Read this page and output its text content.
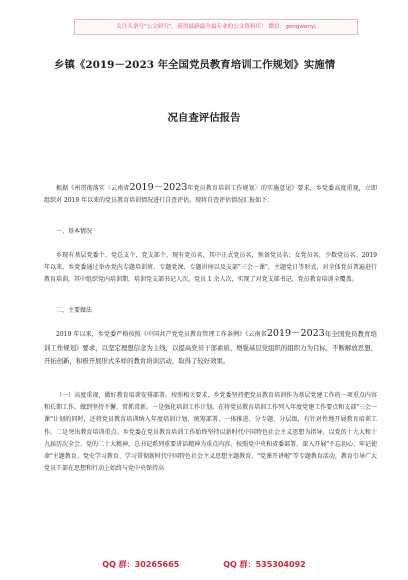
关注头条号"公文研究"，获得最新最全最专业的公文资料库！ 微信：gongwenyj
乡镇《2019－2023 年全国党员教育培训工作规划》实施情
况自查评估报告

根据《州贯彻落实〈云南省2019－2023年党员教育培训工作规划〉的实施意见》要求，乡党委高度重视，立即组织对 2019 年以来的党员教育培训情况进行自查评估，现将自查评估情况汇报如下：

一、基本情况

乡现有基层党委个、党总支个，党支部个，现有党员名，其中正式党员名，预备党员名；女党员名，少数党员名。2019 年以来，乡党委通过举办党内专题培训班、专题党课、专题讲座以及支部"三会一课"，主题党日等形式，对全体党员普遍进行教育培训，其中组织党内培训期，培训党支部书记人次，党员 1 余人次，实现了对党支部书记、党员教育培训全覆盖。

二、主要做法

2019 年以来，乡党委严格按照《中国共产党党员教育管理工作条例》《云南省2019－2023年全国党员教育培训工作规划》要求，以坚定理想信念为主线，以提高党员干部素质、增强基层党组织的组织力为目标，不断解放思想、开拓创新，积极开展形式多样的教育培训活动，取得了较好效果。

（一）高度重视，做好教育培训安排部署。按照相关要求，乡党委坚持把党员教育培训作为基层党建工作的一项重点内容和长期工作，做到坚持不懈、常抓常新。一是强化培训工作计划。在将党员教育培训工作列入年度党建工作要点和支部"三会一课"计划的同时，还将党员教育培训纳入年度培训计划，统筹部署、一体推进、分专题、分层级，有针对性地开展教育培训工作。二是突出教育培训重点。乡党委在党员教育培训工作始终坚持以新时代中国特色社会主义思想为指导，以党的十九大和十九届历次全会、党的二十大精神，总书记系列重要讲话精神为重点内容，按照党中央和省委部署，深入开展"不忘初心、牢记使命"主题教育、党史学习教育、学习贯彻新时代中国特色社会主义思想主题教育、"党课开讲啦"等专题教育活动，教育引导广大党员干部在思想和行动上始终与党中央保持高

QQ 群：30265665	QQ 群：535304092
